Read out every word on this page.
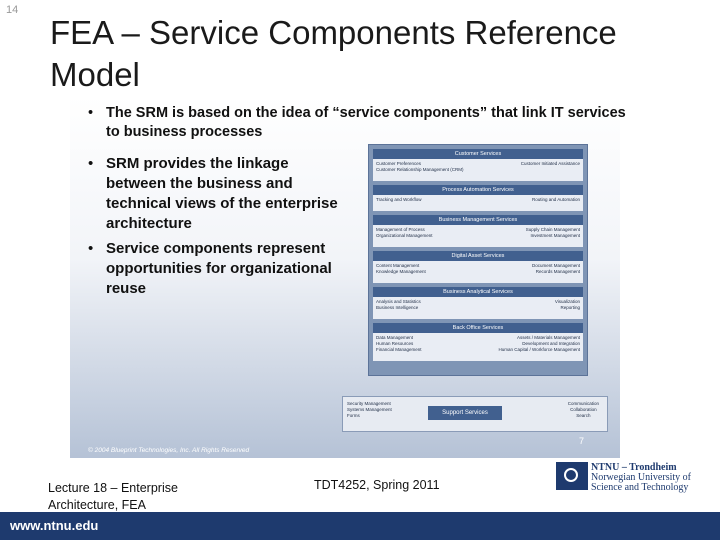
14
FEA – Service Components Reference Model
• The SRM is based on the idea of “service components” that link IT services to business processes
• SRM provides the linkage between the business and technical views of the enterprise architecture
• Service components represent opportunities for organizational reuse
Customer Services
Customer Preferences
Customer Relationship Management (CRM)
Customer Initiated Assistance
Process Automation Services
Tracking and Workflow	Routing and Automation
Business Management Services
Management of Process
Organizational Management
Supply Chain Management
Investment Management
Digital Asset Services
Content Management
Knowledge Management
Document Management
Records Management
Business Analytical Services
Analysis and Statistics
Business Intelligence
Visualization
Reporting
Back Office Services
Data Management
Human Resources
Financial Management
Assets / Materials Management
Development and Integration
Human Capital / Workforce Management
Security Management
Systems Management
Forms	Support Services
Communication
Collaboration
Search
© 2004 Blueprint Technologies, Inc. All Rights Reserved
7
Lecture 18 – Enterprise Architecture, FEA
TDT4252, Spring 2011
NTNU – Trondheim
Norwegian University of
Science and Technology
www.ntnu.edu
